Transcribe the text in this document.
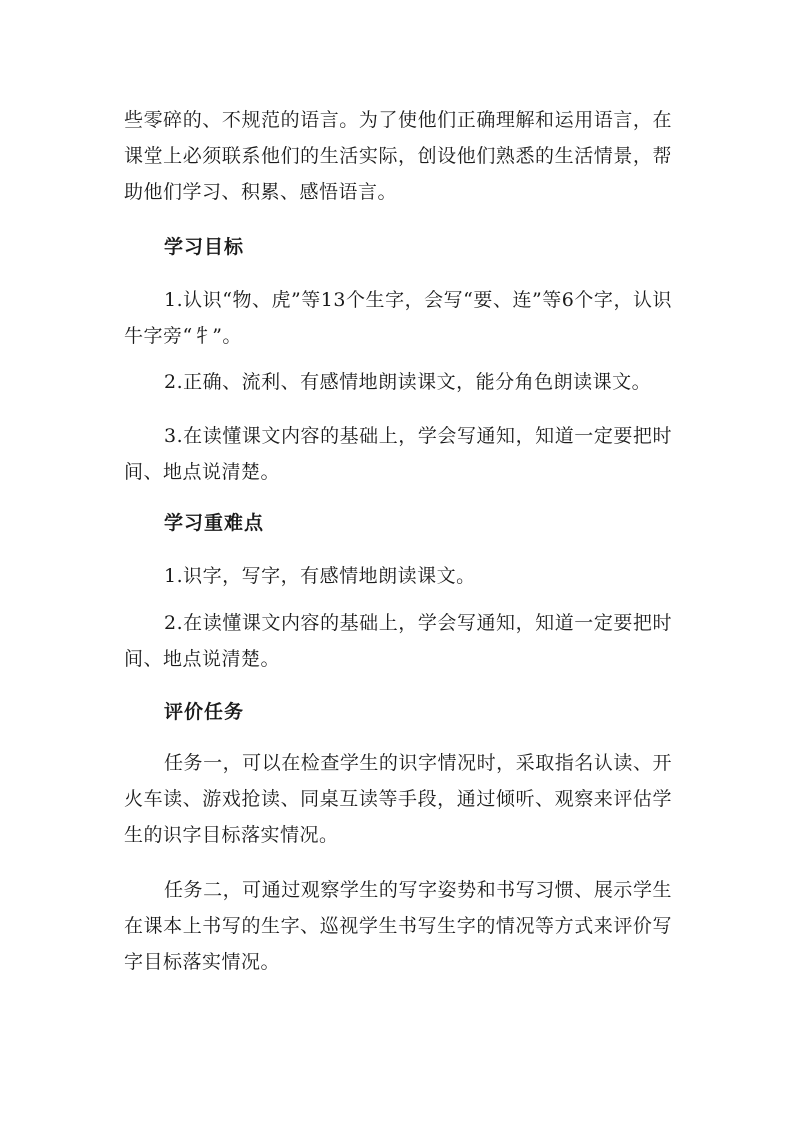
些零碎的、不规范的语言。为了使他们正确理解和运用语言，在课堂上必须联系他们的生活实际，创设他们熟悉的生活情景，帮助他们学习、积累、感悟语言。

学习目标

1.认识“物、虎”等13个生字，会写“要、连”等6个字，认识牛字旁“牜”。

2.正确、流利、有感情地朗读课文，能分角色朗读课文。

3.在读懂课文内容的基础上，学会写通知，知道一定要把时间、地点说清楚。

学习重难点

1.识字，写字，有感情地朗读课文。

2.在读懂课文内容的基础上，学会写通知，知道一定要把时间、地点说清楚。

评价任务

任务一，可以在检查学生的识字情况时，采取指名认读、开火车读、游戏抢读、同桌互读等手段，通过倾听、观察来评估学生的识字目标落实情况。

任务二，可通过观察学生的写字姿势和书写习惯、展示学生在课本上书写的生字、巡视学生书写生字的情况等方式来评价写字目标落实情况。
